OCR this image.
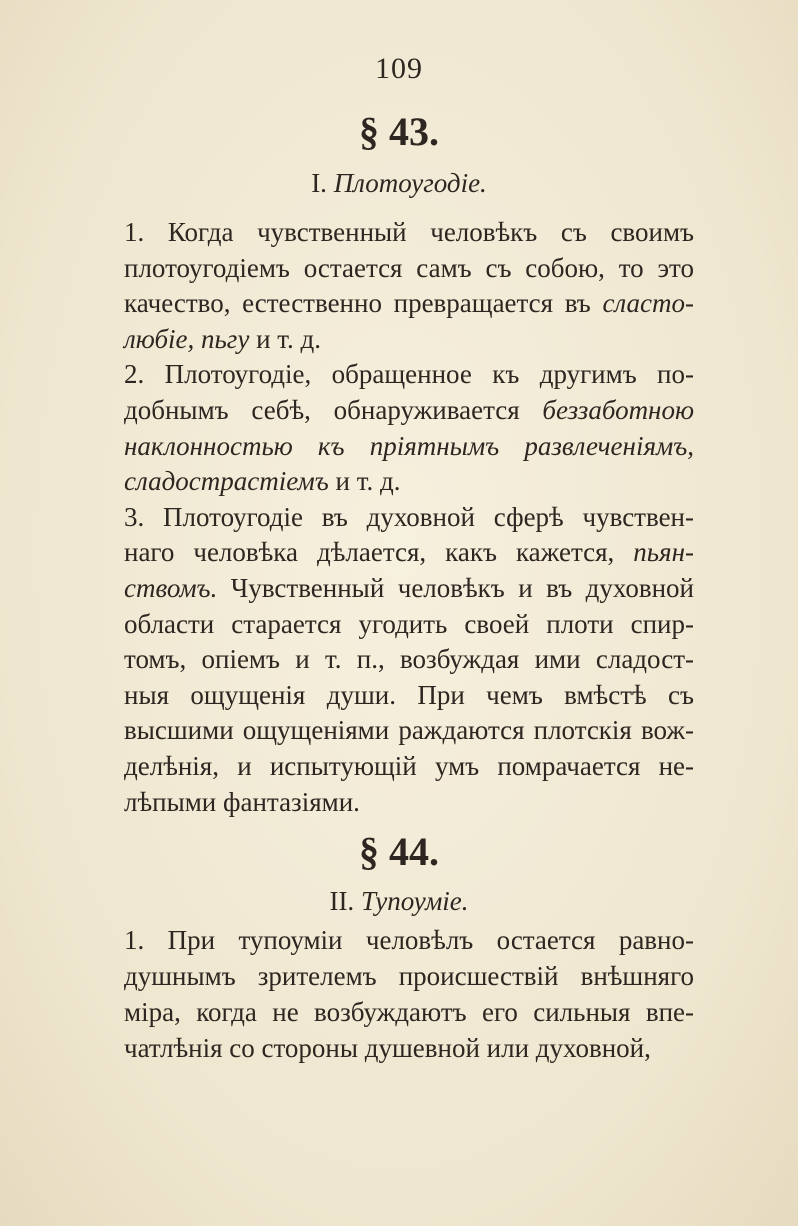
109
§ 43.
I. Плотоугодіе.
1. Когда чувственный человѣкъ съ своимъ
плотоугодіемъ остается самъ съ собою, то это
качество, естественно превращается въ сласто-
любіе, пьгу и т. д.
2. Плотоугодіе, обращенное къ другимъ по-
добнымъ себѣ, обнаруживается беззаботною
наклонностью къ пріятнымъ развлеченіямъ,
сладострастіемъ и т. д.
3. Плотоугодіе въ духовной сферѣ чувствен-
наго человѣка дѣлается, какъ кажется, пьян-
ствомъ. Чувственный человѣкъ и въ духовной
области старается угодить своей плоти спир-
томъ, опіемъ и т. п., возбуждая ими сладост-
ныя ощущенія души. При чемъ вмѣстѣ съ
высшими ощущеніями раждаются плотскія вож-
делѣнія, и испытующій умъ помрачается не-
лѣпыми фантазіями.
§ 44.
II. Тупоуміе.
1. При тупоуміи человѣлъ остается равно-
душнымъ зрителемъ происшествій внѣшняго
міра, когда не возбуждаютъ его сильныя впе-
чатлѣнія со стороны душевной или духовной,
